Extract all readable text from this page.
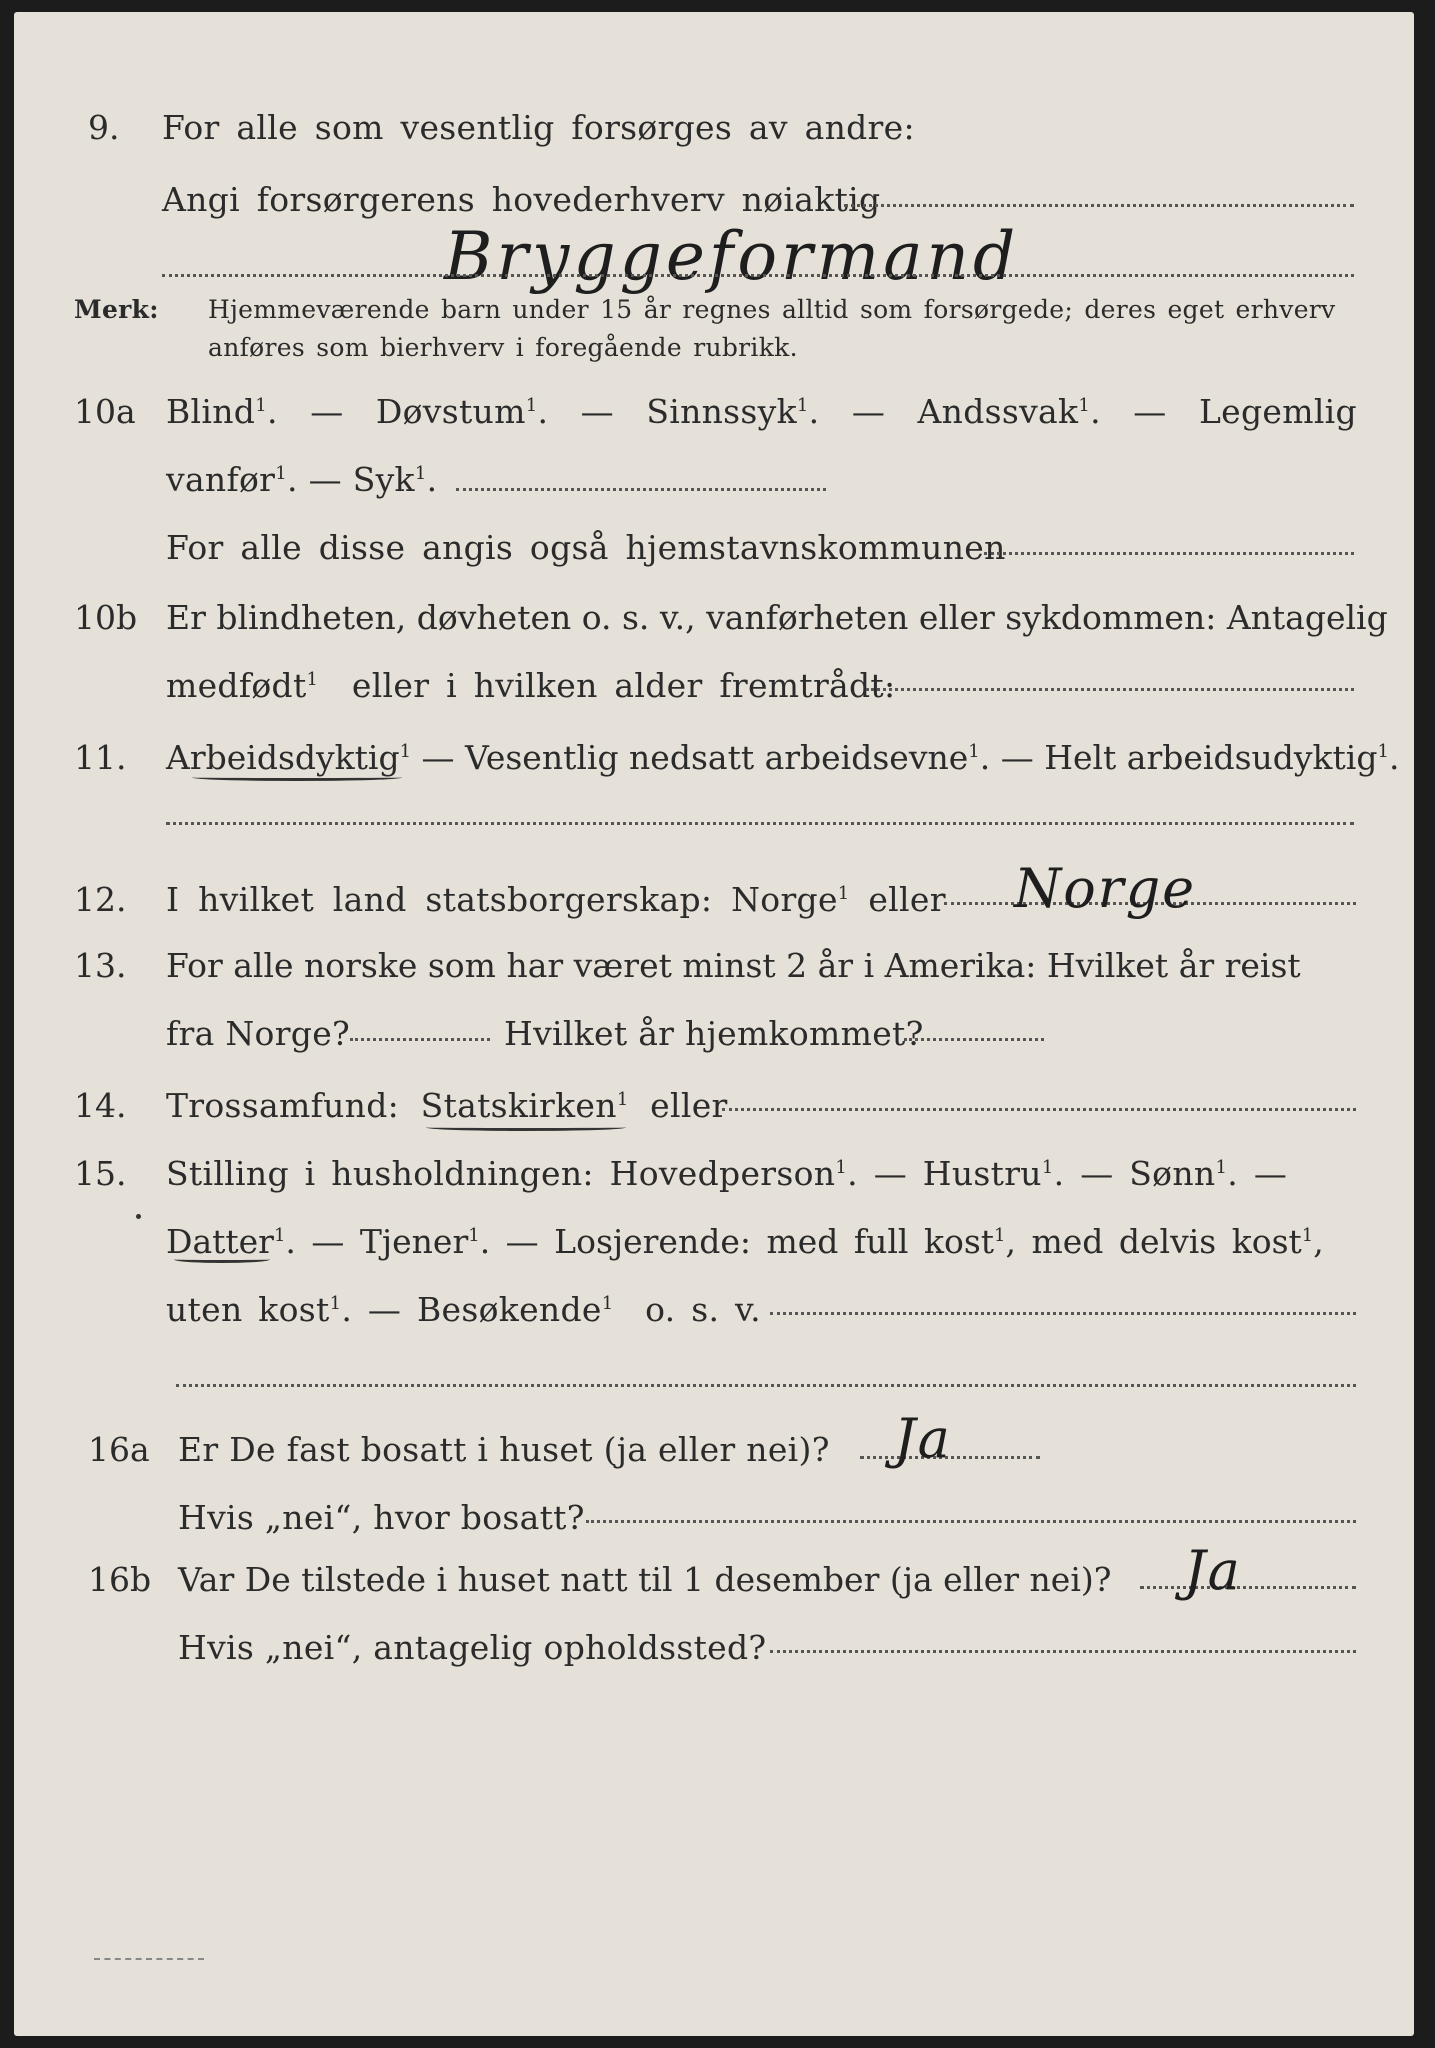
9. For alle som vesentlig forsørges av andre:
Angi forsørgerens hovederhverv nøiaktig
Bryggeformand
Merk: Hjemmeværende barn under 15 år regnes alltid som forsørgede; deres eget erhverv
anføres som bierhverv i foregående rubrikk.
10a Blind$^1$. — Døvstum$^1$. — Sinnssyk$^1$. — Andssvak$^1$. — Legemlig
vanfør$^1$. — Syk$^1$.
For alle disse angis også hjemstavnskommunen
10b Er blindheten, døvheten o. s. v., vanførheten eller sykdommen: Antagelig
medfødt$^1$ eller i hvilken alder fremtrådt:
11. Arbeidsdyktig$^1$ — Vesentlig nedsatt arbeidsevne$^1$. — Helt arbeidsudyktig$^1$.
12. I hvilket land statsborgerskap: Norge$^1$ eller Norge
13. For alle norske som har været minst 2 år i Amerika: Hvilket år reist
fra Norge?	Hvilket år hjemkommet?
14. Trossamfund: Statskirken$^1$ eller
15. Stilling i husholdningen: Hovedperson$^1$. — Hustru$^1$. — Sønn$^1$. —
Datter$^1$. — Tjener$^1$. — Losjerende: med full kost$^1$, med delvis kost$^1$,
uten kost$^1$. — Besøkende$^1$ o. s. v.
16a Er De fast bosatt i huset (ja eller nei)? Ja
Hvis „nei“, hvor bosatt?
16b Var De tilstede i huset natt til 1 desember (ja eller nei)? Ja
Hvis „nei“, antagelig opholdssted?
